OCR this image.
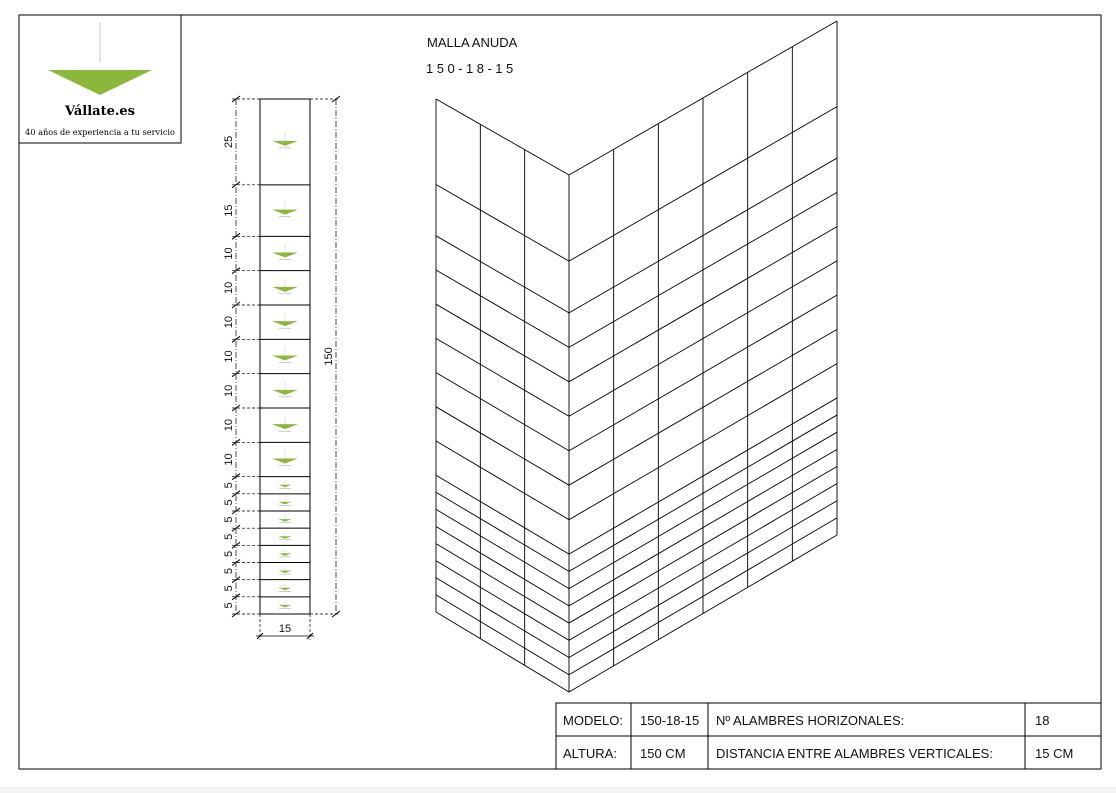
Vállate.es
40 años de experiencia a tu servicio
MALLA ANUDA
150-18-15
25
15
10
10
10
10
10
10
10
5
5
5
5
5
5
5
5
150
15
MODELO: 150-18-15 Nº ALAMBRES HORIZONALES:	18
ALTURA: 150 CM DISTANCIA ENTRE ALAMBRES VERTICALES:	15 CM
